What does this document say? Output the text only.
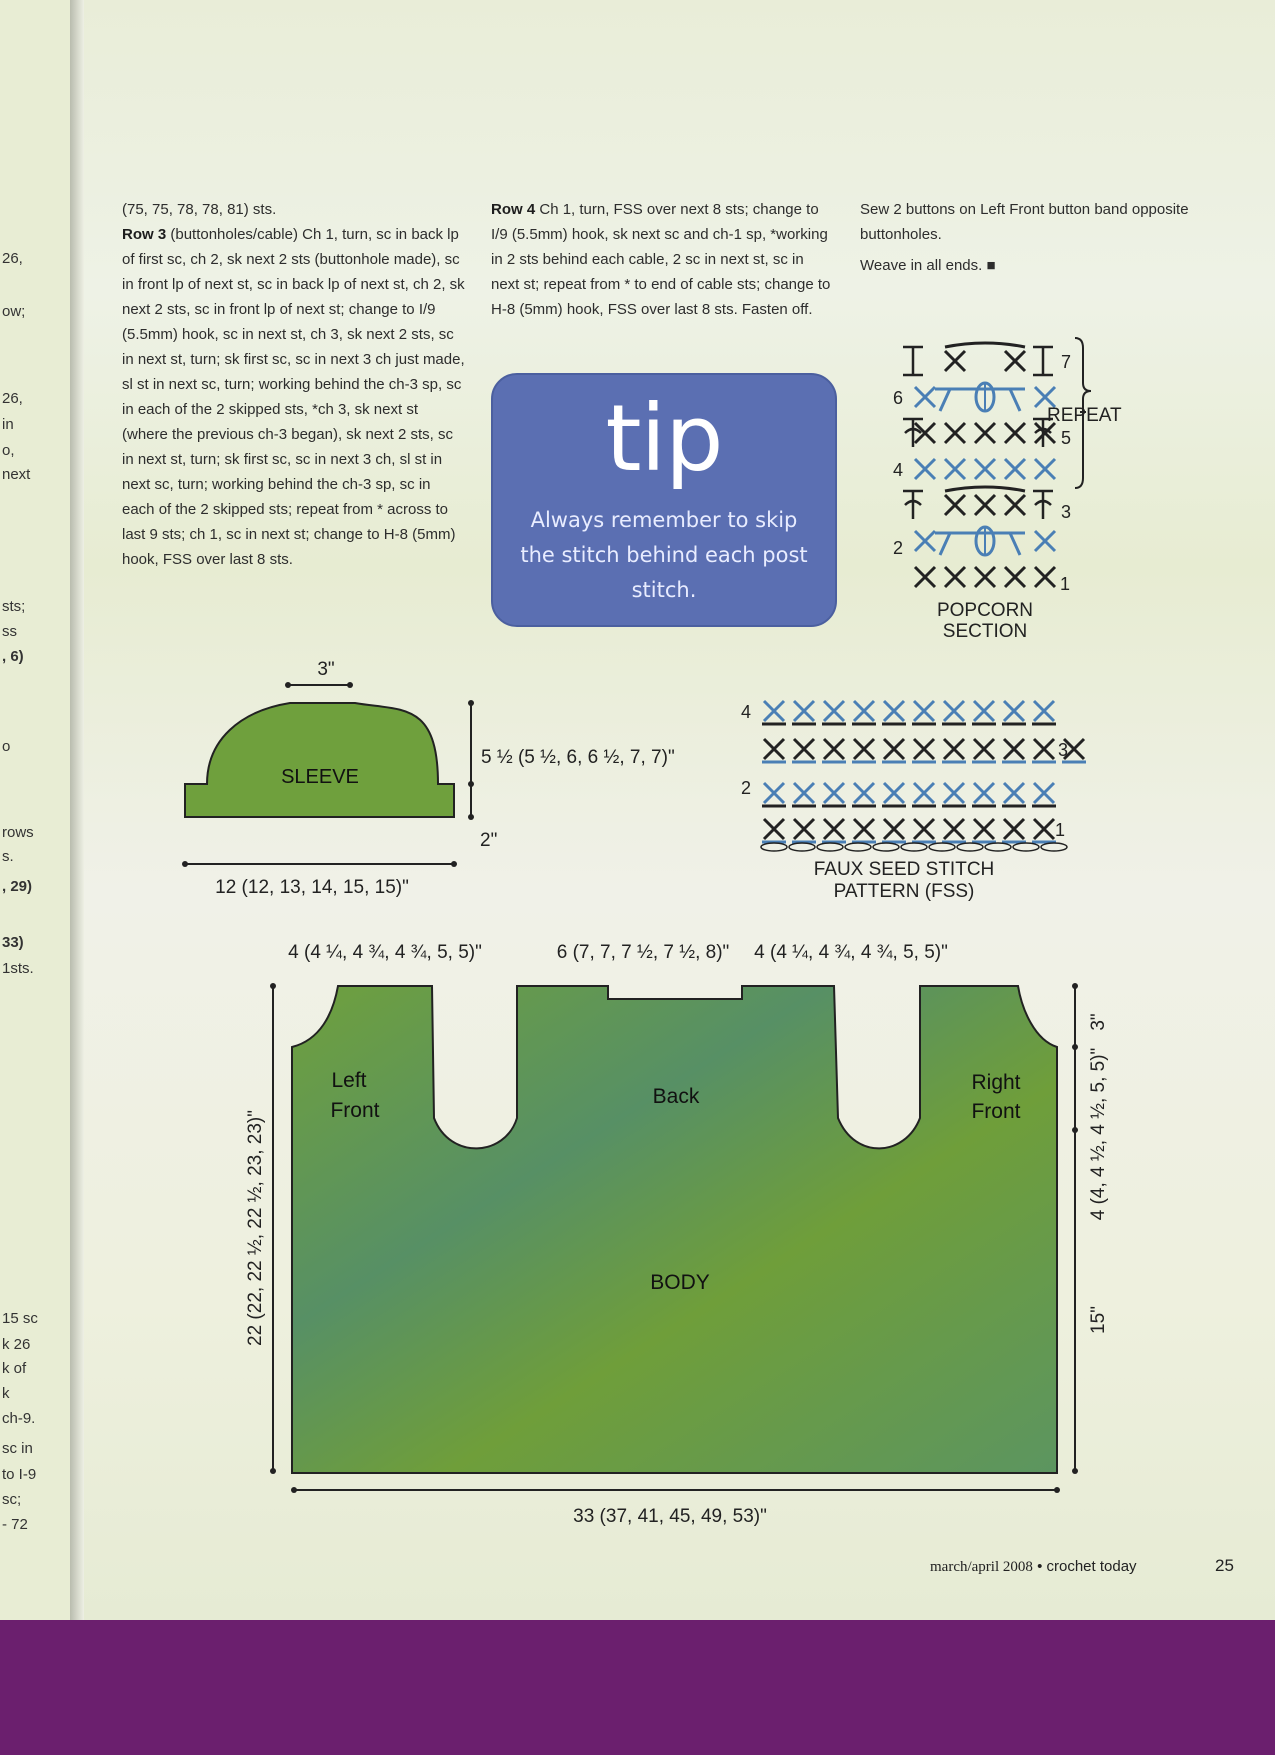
26,
ow;
26,
in
o,
next
sts;
ss
, 6)
o
rows
s.
, 29)
33)
1sts.
15 sc
k 26
k of
k
ch-9.
sc in
to I-9
sc;
- 72
(75, 75, 78, 78, 81) sts.
Row 3 (buttonholes/cable) Ch 1, turn, sc in back lp of first sc, ch 2, sk next 2 sts (buttonhole made), sc in front lp of next st, sc in back lp of next st, ch 2, sk next 2 sts, sc in front lp of next st; change to I/9 (5.5mm) hook, sc in next st, ch 3, sk next 2 sts, sc in next st, turn; sk first sc, sc in next 3 ch just made, sl st in next sc, turn; working behind the ch-3 sp, sc in each of the 2 skipped sts, *ch 3, sk next st (where the previous ch-3 began), sk next 2 sts, sc in next st, turn; sk first sc, sc in next 3 ch, sl st in next sc, turn; working behind the ch-3 sp, sc in each of the 2 skipped sts; repeat from * across to last 9 sts; ch 1, sc in next st; change to H-8 (5mm) hook, FSS over last 8 sts.
Row 4 Ch 1, turn, FSS over next 8 sts; change to I/9 (5.5mm) hook, sk next sc and ch-1 sp, *working in 2 sts behind each cable, 2 sc in next st, sc in next st; repeat from * to end of cable sts; change to H-8 (5mm) hook, FSS over last 8 sts. Fasten off.
Sew 2 buttons on Left Front button band opposite buttonholes.
Weave in all ends. ■
tip
Always remember to skip the stitch behind each post stitch.	1
2
3
4
5
6
7
REPEAT
POPCORN
SECTION
1
2
3
4
FAUX SEED STITCH
PATTERN (FSS)
SLEEVE
3"
5 ½ (5 ½, 6, 6 ½, 7, 7)"
2"
12 (12, 13, 14, 15, 15)"
Left
Front
Back
Right
Front
BODY
4 (4 ¼, 4 ¾, 4 ¾, 5, 5)"	6 (7, 7, 7 ½, 7 ½, 8)" 4 (4 ¼, 4 ¾, 4 ¾, 5, 5)"
22 (22, 22 ½, 22 ½, 23, 23)"
3"
4 (4, 4 ½, 4 ½, 5, 5)"
15"
33 (37, 41, 45, 49, 53)"
march/april 2008 • crochet today	25
